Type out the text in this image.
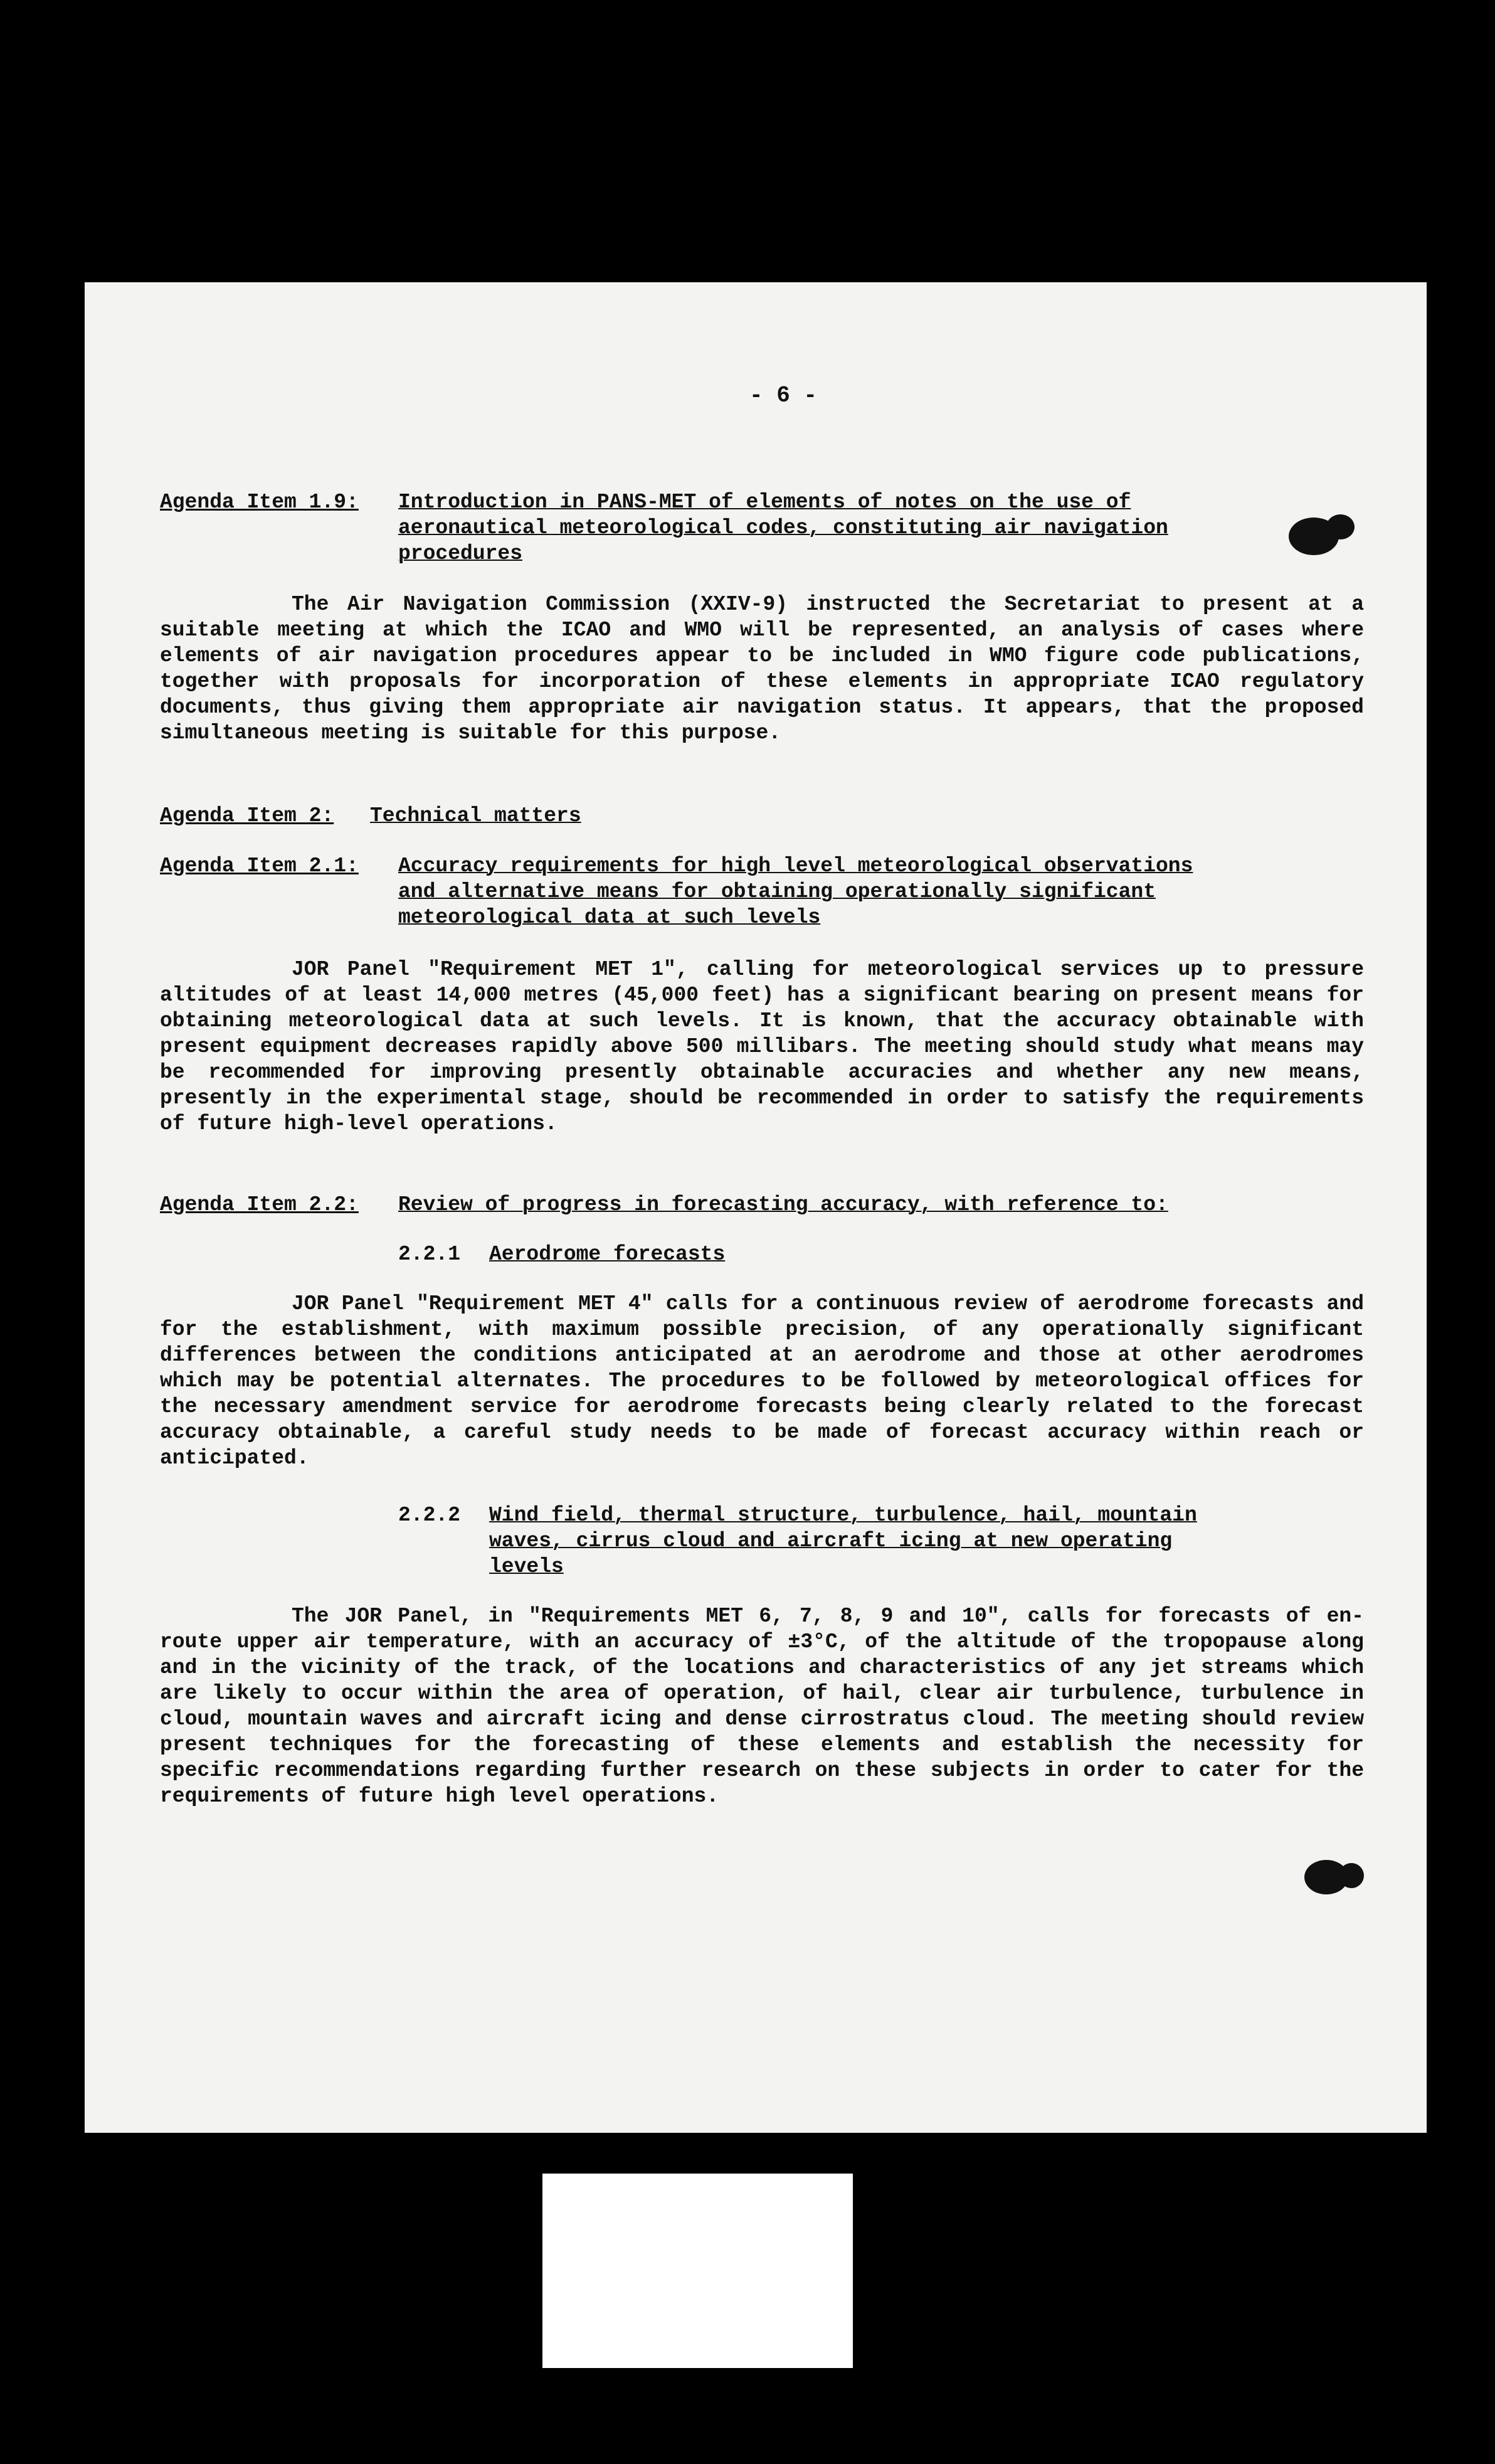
- 6 -
Agenda Item 1.9:	Introduction in PANS-MET of elements of notes on the use of aeronautical meteorological codes, constituting air navigation procedures

The Air Navigation Commission (XXIV-9) instructed the Secretariat to present at a suitable meeting at which the ICAO and WMO will be represented, an analysis of cases where elements of air navigation procedures appear to be included in WMO figure code publications, together with proposals for incorporation of these elements in appropriate ICAO regulatory documents, thus giving them appropriate air navigation status. It appears, that the proposed simultaneous meeting is suitable for this purpose.

Agenda Item 2:	Technical matters
Agenda Item 2.1:	Accuracy requirements for high level meteorological observations and alternative means for obtaining operationally significant meteorological data at such levels

JOR Panel "Requirement MET 1", calling for meteorological services up to pressure altitudes of at least 14,000 metres (45,000 feet) has a significant bearing on present means for obtaining meteorological data at such levels. It is known, that the accuracy obtainable with present equipment decreases rapidly above 500 millibars. The meeting should study what means may be recommended for improving presently obtainable accuracies and whether any new means, presently in the experimental stage, should be recommended in order to satisfy the requirements of future high-level operations.

Agenda Item 2.2:	Review of progress in forecasting accuracy, with reference to:
2.2.1	Aerodrome forecasts

JOR Panel "Requirement MET 4" calls for a continuous review of aerodrome forecasts and for the establishment, with maximum possible precision, of any operationally significant differences between the conditions anticipated at an aerodrome and those at other aerodromes which may be potential alternates. The procedures to be followed by meteorological offices for the necessary amendment service for aerodrome forecasts being clearly related to the forecast accuracy obtainable, a careful study needs to be made of forecast accuracy within reach or anticipated.

2.2.2	Wind field, thermal structure, turbulence, hail, mountain waves, cirrus cloud and aircraft icing at new operating levels

The JOR Panel, in "Requirements MET 6, 7, 8, 9 and 10", calls for forecasts of en-route upper air temperature, with an accuracy of ±3°C, of the altitude of the tropopause along and in the vicinity of the track, of the locations and characteristics of any jet streams which are likely to occur within the area of operation, of hail, clear air turbulence, turbulence in cloud, mountain waves and aircraft icing and dense cirrostratus cloud. The meeting should review present techniques for the forecasting of these elements and establish the necessity for specific recommendations regarding further research on these subjects in order to cater for the requirements of future high level operations.
